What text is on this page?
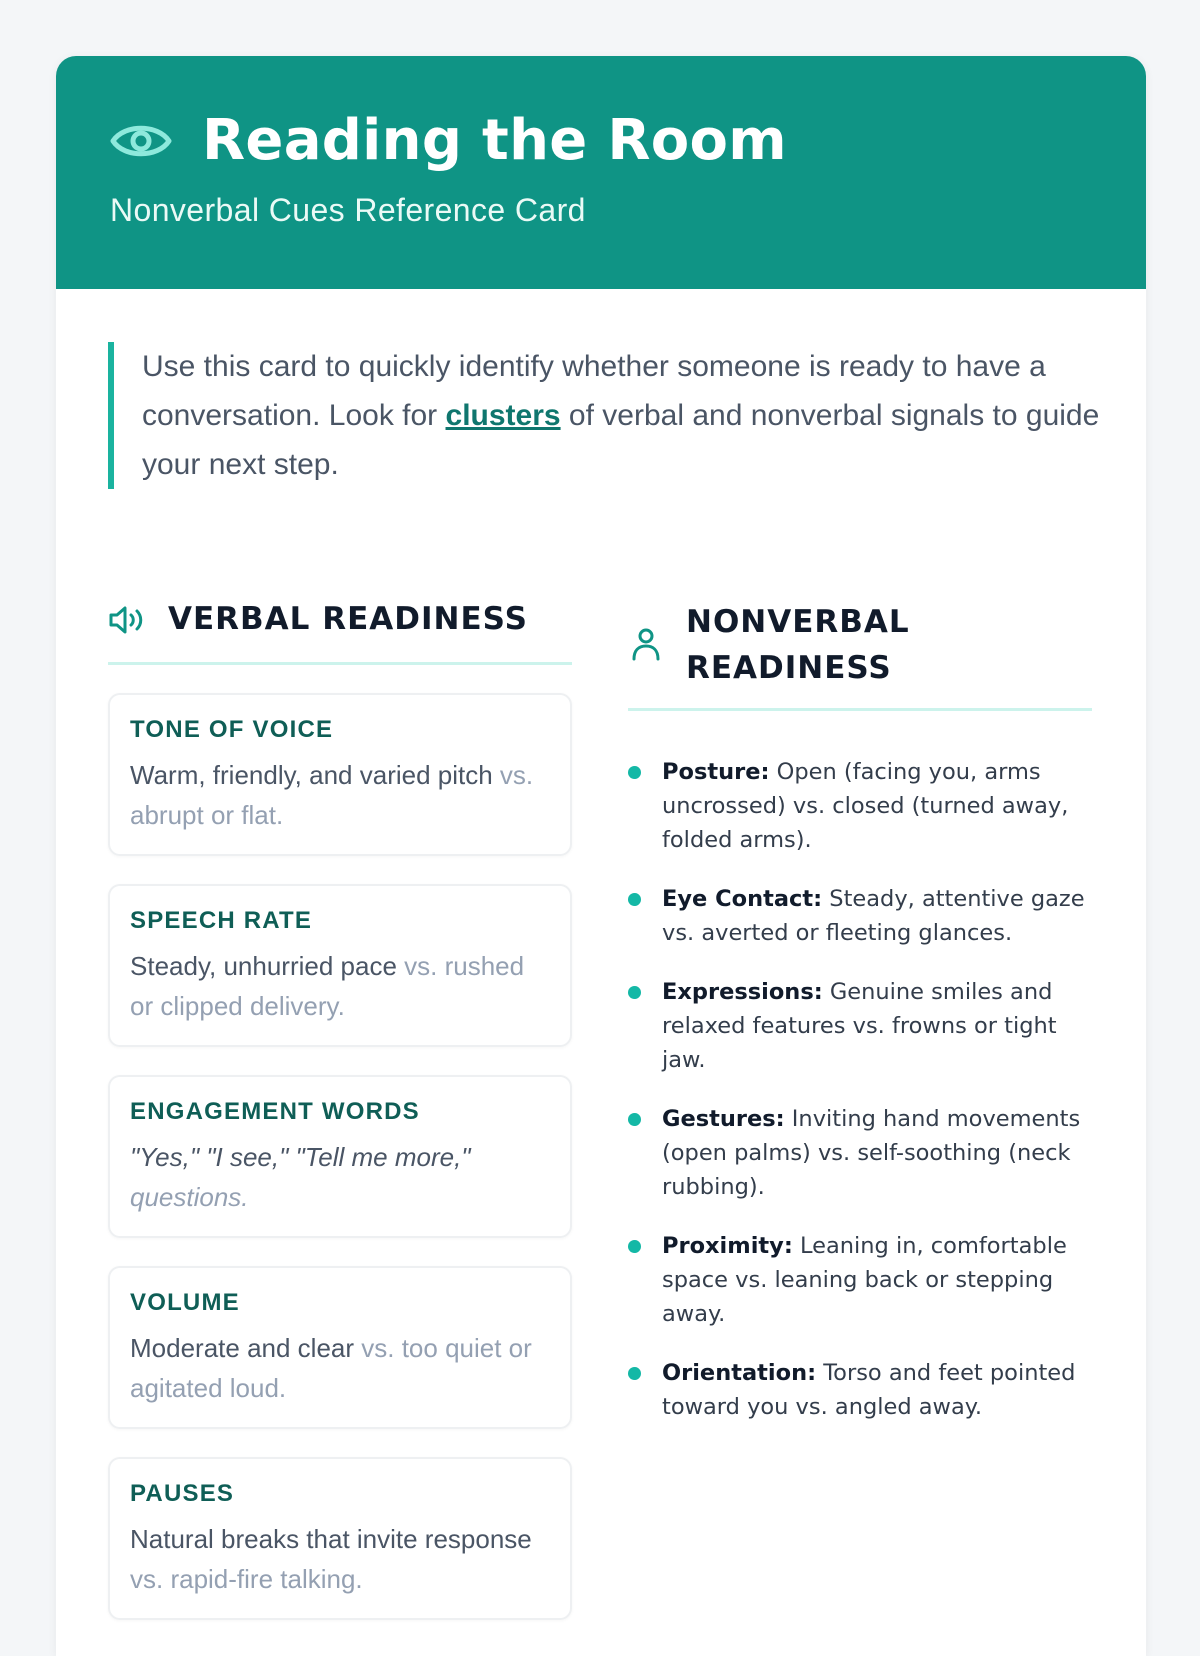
Reading the Room
Nonverbal Cues Reference Card
Use this card to quickly identify whether someone is ready to have a conversation. Look for clusters of verbal and nonverbal signals to guide your next step.
VERBAL READINESS
TONE OF VOICE
Warm, friendly, and varied pitch vs. abrupt or flat.
SPEECH RATE
Steady, unhurried pace vs. rushed or clipped delivery.
ENGAGEMENT WORDS
"Yes," "I see," "Tell me more," questions.
VOLUME
Moderate and clear vs. too quiet or agitated loud.
PAUSES
Natural breaks that invite response vs. rapid-fire talking.
NONVERBAL READINESS
Posture: Open (facing you, arms uncrossed) vs. closed (turned away, folded arms).
Eye Contact: Steady, attentive gaze vs. averted or fleeting glances.
Expressions: Genuine smiles and relaxed features vs. frowns or tight jaw.
Gestures: Inviting hand movements (open palms) vs. self-soothing (neck rubbing).
Proximity: Leaning in, comfortable space vs. leaning back or stepping away.
Orientation: Torso and feet pointed toward you vs. angled away.
